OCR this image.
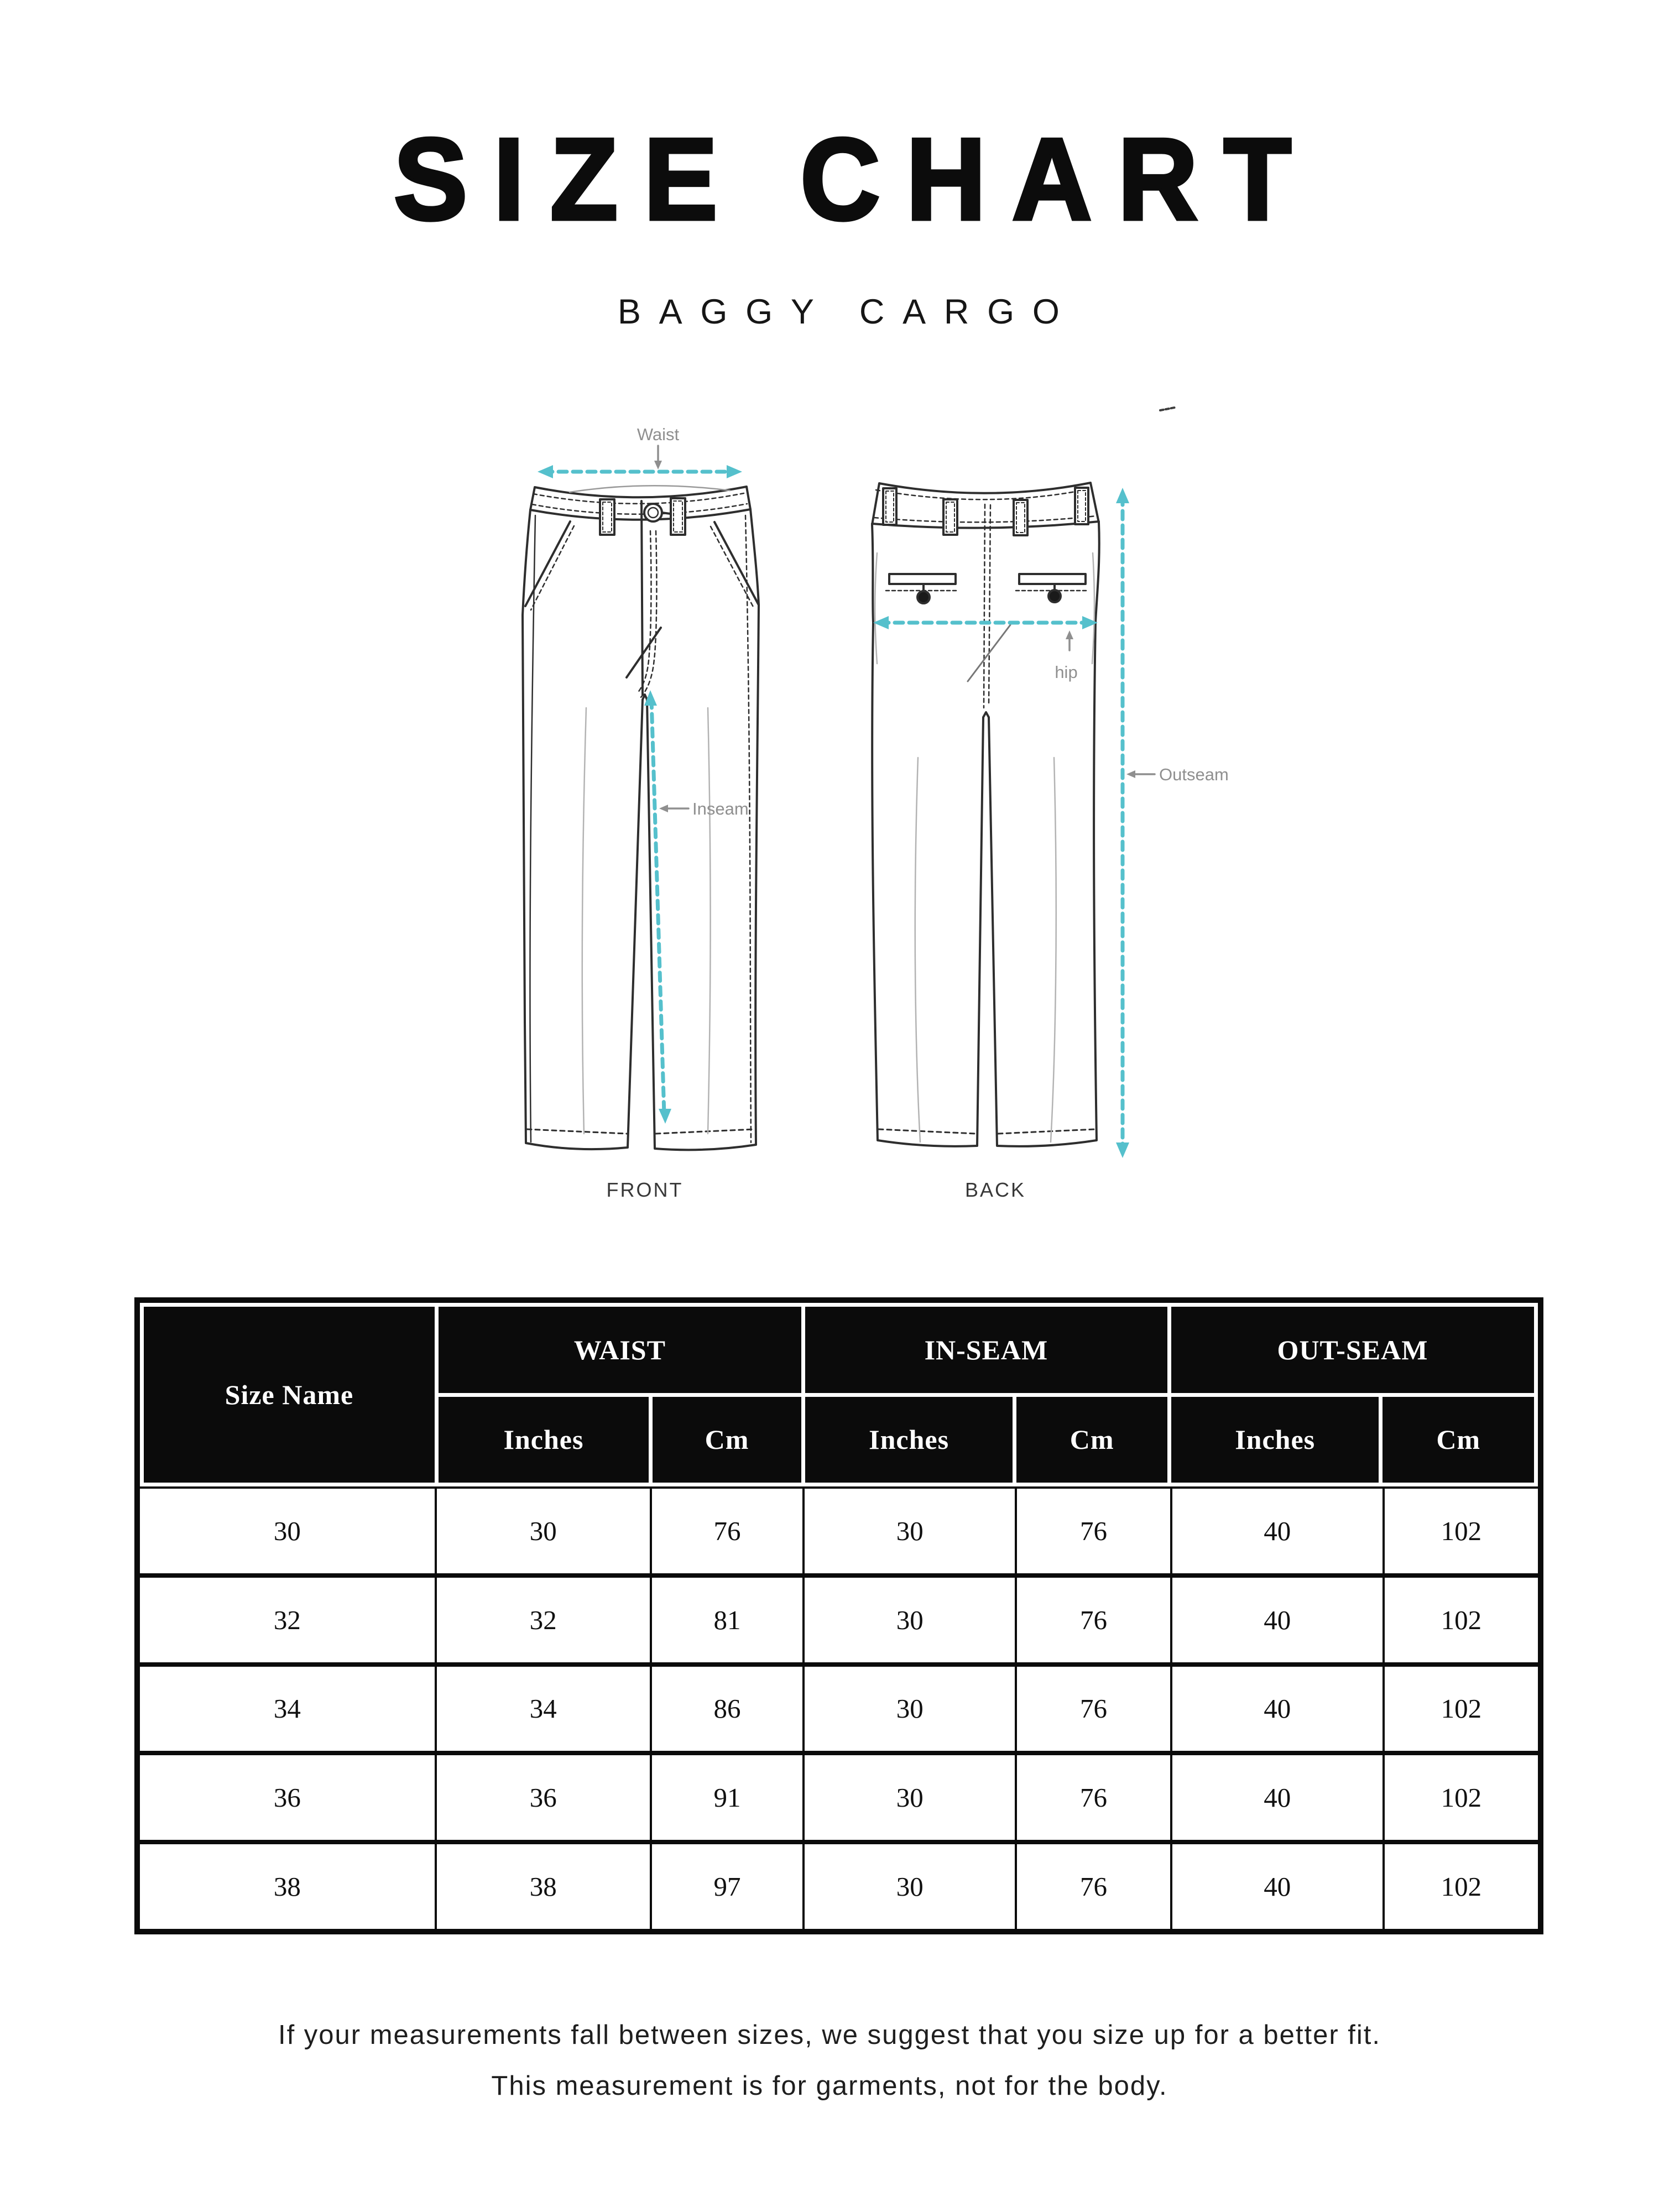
SIZE CHART
BAGGY CARGO
Waist
Inseam
hip
Outseam
FRONT	BACK
Size Name
WAIST	IN-SEAM	OUT-SEAM
Inches	Cm	Inches	Cm	Inches	Cm
30	30	76	30	76	40	102
32	32	81	30	76	40	102
34	34	86	30	76	40	102
36	36	91	30	76	40	102
38	38	97	30	76	40	102

If your measurements fall between sizes, we suggest that you size up for a better fit.

This measurement is for garments, not for the body.
